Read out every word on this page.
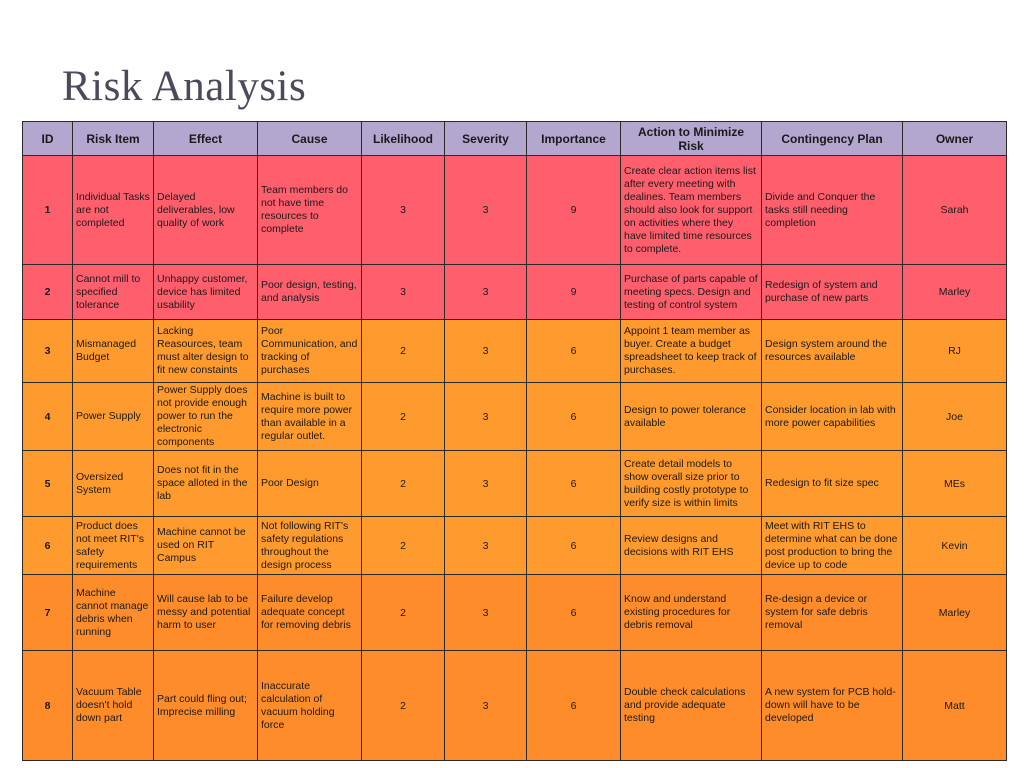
Risk Analysis
ID	Risk Item	Effect	Cause	Likelihood	Severity	Importance	Action to Minimize Risk	Contingency Plan	Owner
1	Individual Tasks are not completed	Delayed deliverables, low quality of work	Team members do not have time resources to complete	3	3	9	Create clear action items list after every meeting with dealines. Team members should also look for support on activities where they have limited time resources to complete.	Divide and Conquer the tasks still needing completion	Sarah
2	Cannot mill to specified tolerance	Unhappy customer, device has limited usability	Poor design, testing, and analysis	3	3	9	Purchase of parts capable of meeting specs. Design and testing of control system	Redesign of system and purchase of new parts	Marley
3	Mismanaged Budget	Lacking Reasources, team must alter design to fit new constaints	Poor Communication, and tracking of purchases	2	3	6	Appoint 1 team member as buyer. Create a budget spreadsheet to keep track of purchases.	Design system around the resources available	RJ
4	Power Supply	Power Supply does not provide enough power to run the electronic components	Machine is built to require more power than available in a regular outlet.	2	3	6	Design to power tolerance available	Consider location in lab with more power capabilities	Joe
5	Oversized System	Does not fit in the space alloted in the lab	Poor Design	2	3	6	Create detail models to show overall size prior to building costly prototype to verify size is within limits	Redesign to fit size spec	MEs
6	Product does not meet RIT's safety requirements	Machine cannot be used on RIT Campus	Not following RIT's safety regulations throughout the design process	2	3	6	Review designs and decisions with RIT EHS	Meet with RIT EHS to determine what can be done post production to bring the device up to code	Kevin
7	Machine cannot manage debris when running	Will cause lab to be messy and potential harm to user	Failure develop adequate concept for removing debris	2	3	6	Know and understand existing procedures for debris removal	Re-design a device or system for safe debris removal	Marley
8	Vacuum Table doesn't hold down part	Part could fling out; Imprecise milling	Inaccurate calculation of vacuum holding force	2	3	6	Double check calculations and provide adequate testing	A new system for PCB hold-down will have to be developed	Matt
